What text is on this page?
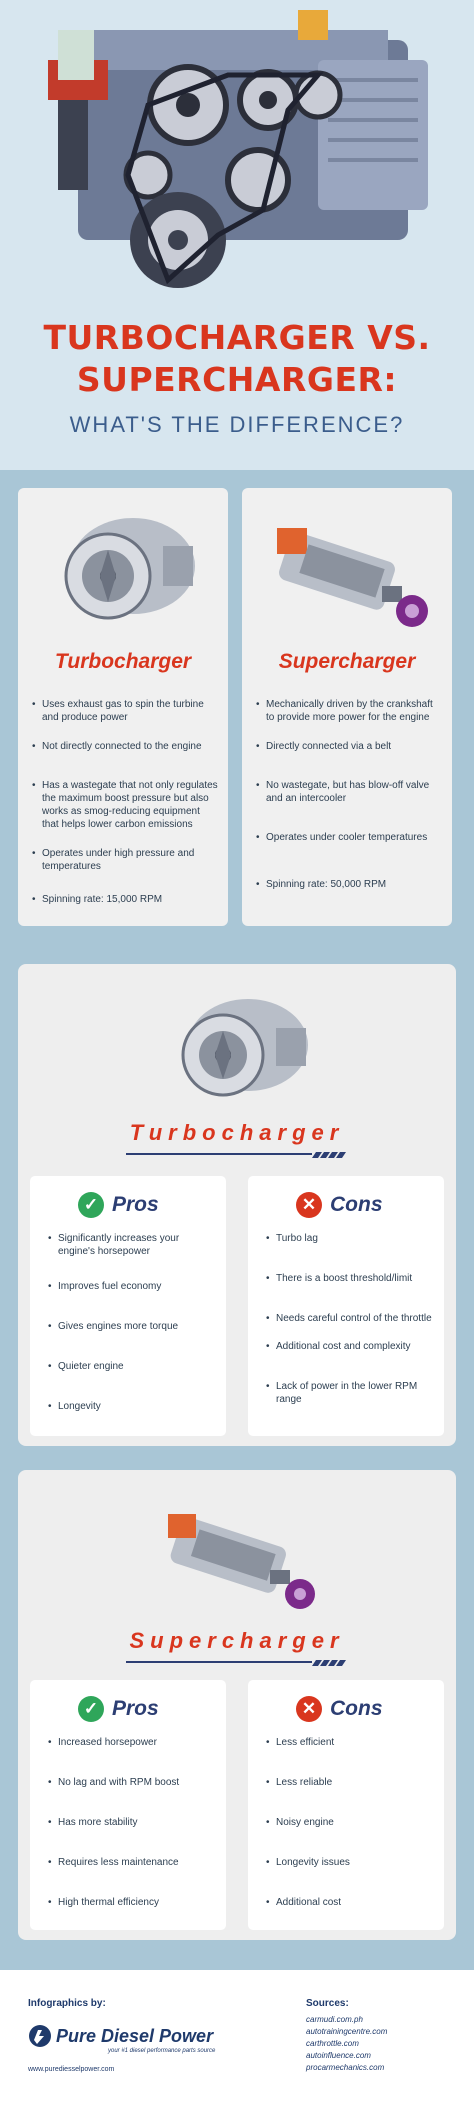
TURBOCHARGER VS.
SUPERCHARGER:
WHAT'S THE DIFFERENCE?
Turbocharger
• Uses exhaust gas to spin the turbine and produce power
• Not directly connected to the engine
• Has a wastegate that not only regulates the maximum boost pressure but also works as smog-reducing equipment that helps lower carbon emissions
• Operates under high pressure and temperatures
• Spinning rate: 15,000 RPM
Supercharger
• Mechanically driven by the crankshaft to provide more power for the engine
• Directly connected via a belt
• No wastegate, but has blow-off valve and an intercooler
• Operates under cooler temperatures
• Spinning rate: 50,000 RPM
Turbocharger
✓ Pros
• Significantly increases your engine's horsepower
• Improves fuel economy
• Gives engines more torque
• Quieter engine
• Longevity
✕ Cons
• Turbo lag
• There is a boost threshold/limit
• Needs careful control of the throttle
• Additional cost and complexity
• Lack of power in the lower RPM range
Supercharger
✓ Pros
• Increased horsepower
• No lag and with RPM boost
• Has more stability
• Requires less maintenance
• High thermal efficiency
✕ Cons
• Less efficient
• Less reliable
• Noisy engine
• Longevity issues
• Additional cost
Infographics by:
Pure Diesel Power
your #1 diesel performance parts source
www.purediesselpower.com
Sources:
carmudi.com.ph
autotrainingcentre.com
carthrottle.com
autoinfluence.com
procarmechanics.com
